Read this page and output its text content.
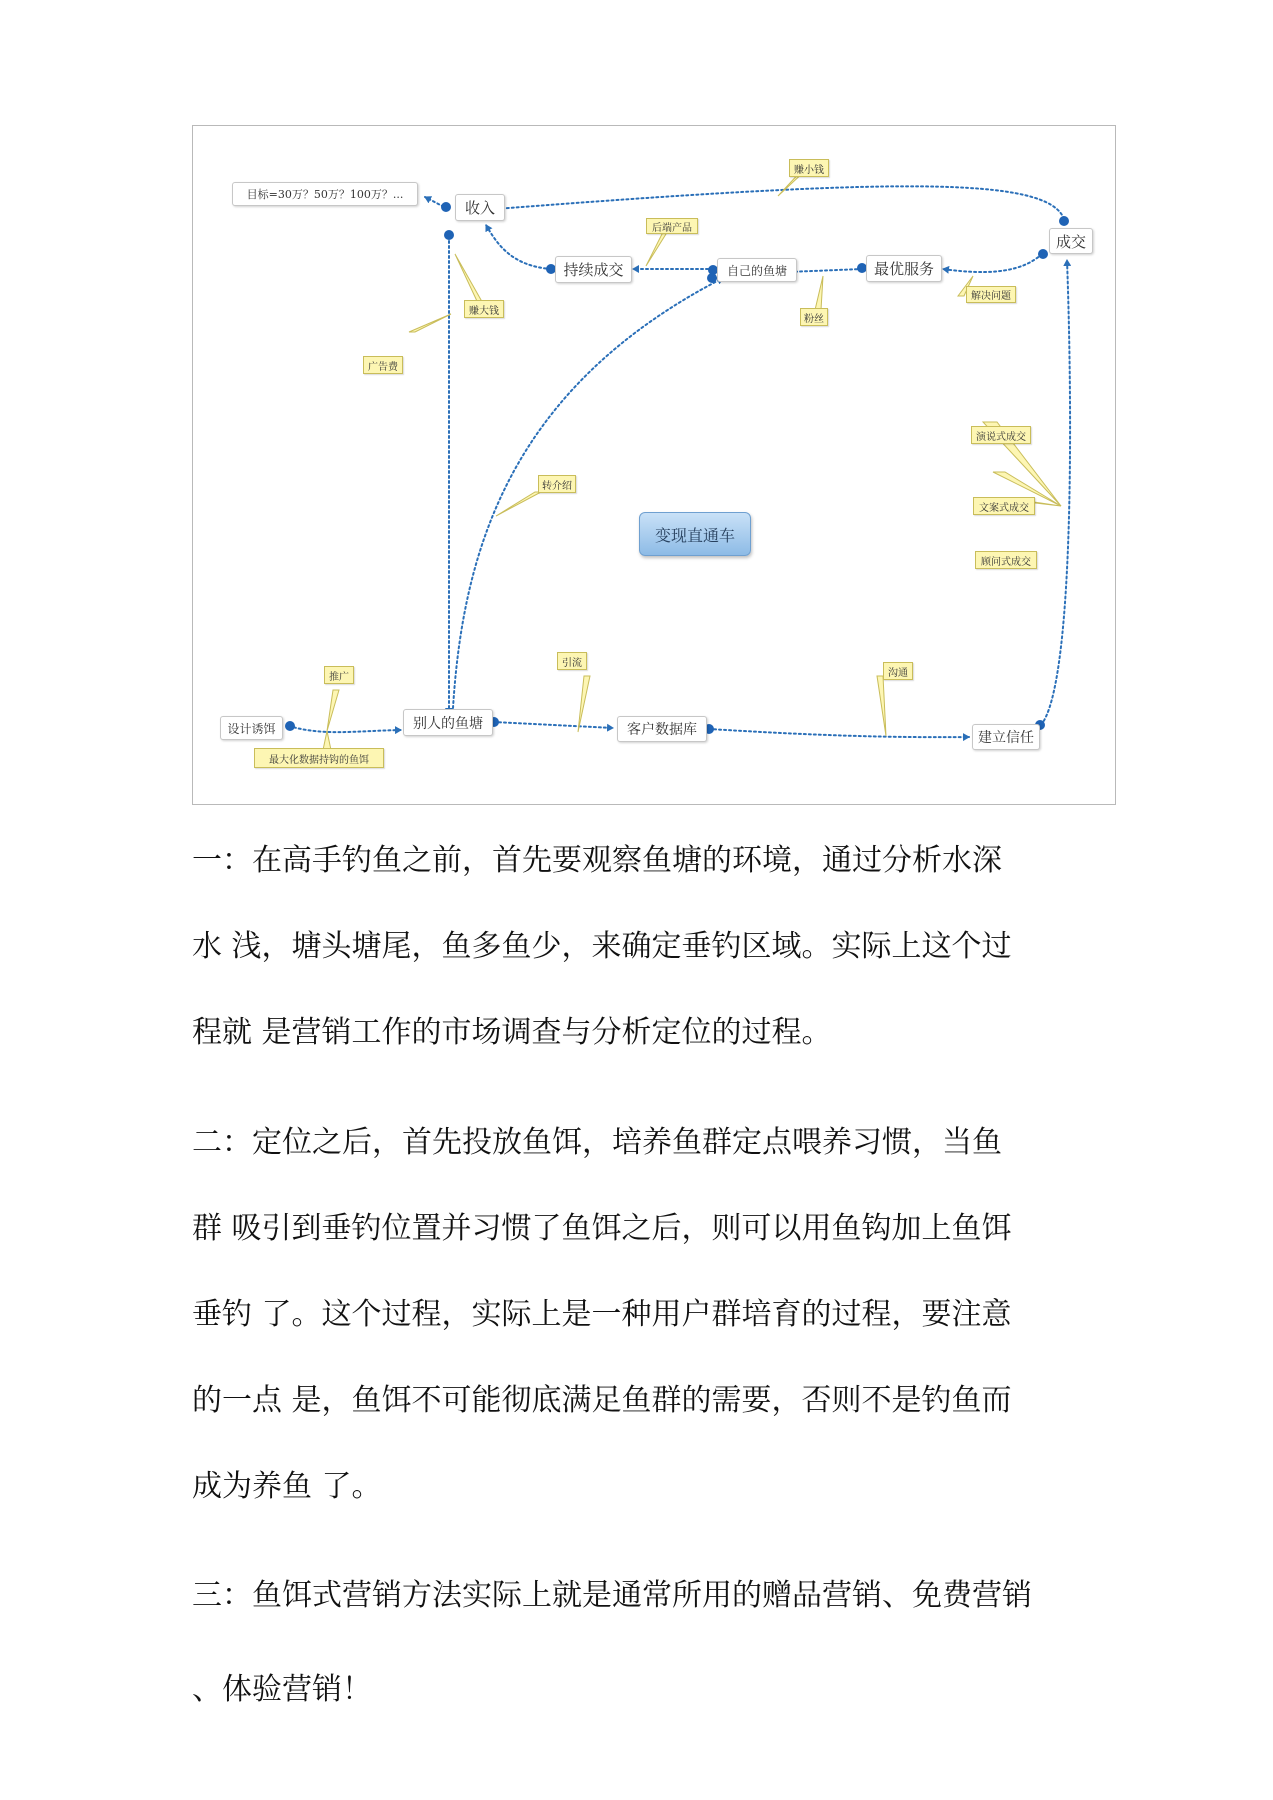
目标=30万？50万？100万？...
收入
成交
持续成交	自己的鱼塘	最优服务
变现直通车
设计诱饵	别人的鱼塘	客户数据库	建立信任
赚小钱
后端产品
赚大钱
广告费
粉丝
解决问题
演说式成交
文案式成交
顾问式成交
转介绍
推广
最大化数据持钩的鱼饵
引流
沟通
一：在高手钓鱼之前，首先要观察鱼塘的环境，通过分析水深
水 浅，塘头塘尾，鱼多鱼少，来确定垂钓区域。实际上这个过
程就 是营销工作的市场调查与分析定位的过程。
二：定位之后，首先投放鱼饵，培养鱼群定点喂养习惯，当鱼
群 吸引到垂钓位置并习惯了鱼饵之后，则可以用鱼钩加上鱼饵
垂钓 了。这个过程，实际上是一种用户群培育的过程，要注意
的一点 是，鱼饵不可能彻底满足鱼群的需要，否则不是钓鱼而
成为养鱼 了。
三：鱼饵式营销方法实际上就是通常所用的赠品营销、免费营销
、体验营销！
